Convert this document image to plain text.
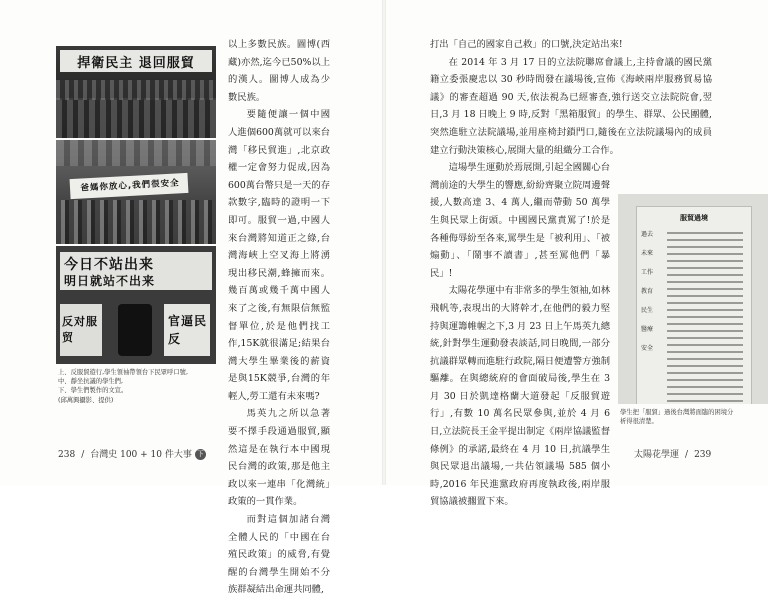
捍衛民主 退回服貿
爸媽你放心,我們很安全
今日不站出来
明日就站不出来
反对服贸
官逼民反
上、反服貿遊行,學生領袖帶領台下民眾呼口號,
中、靜坐抗議的學生們,
下、學生們製作的文宣。
(邱萬興攝影、提供)

以上多數民族。圖博(西藏)亦然,迄今已50%以上的漢人。圖博人成為少數民族。

要隨便讓一個中國人進個600萬就可以來台灣「移民貿進」,北京政權一定會努力促成,因為600萬台幣只是一天的存款數字,臨時的證明一下即可。服貿一過,中國人來台灣將知道正之綠,台灣海峽上空叉海上將湧現出移民潮,蜂擁而來。幾百萬或幾千萬中國人來了之後,有無限信無監督單位,於是他們找工作,15K就很滿足;結果台灣大學生畢業後的薪資是與15K競爭,台灣的年輕人,勞工還有未來嗎?

馬英九之所以急著要不擇手段通過服貿,顯然這是在執行本中國現民台灣的政策,那是他主政以來一連串「化灣統」政策的一貫作業。

而對這個加諸台灣全體人民的「中國在台殖民政策」的威脅,有覺醒的台灣學生開始不分族群凝結出命運共同體,

238 / 台灣史 100 + 10 件大事 下

打出「自己的國家自己救」的口號,決定站出來!

在 2014 年 3 月 17 日的立法院聯席會議上,主持會議的國民黨籍立委張慶忠以 30 秒時間發在議場後,宣佈《海峽兩岸服務貿易協議》的審查超過 90 天,依法視為已經審查,強行送交立法院院會,翌日,3 月 18 日晚上 9 時,反對「黑箱服貿」的學生、群眾、公民團體,突然進駐立法院議場,並用座椅封鎖門口,隨後在立法院議場內的成員建立行動決策核心,展開大量的組織分工合作。

這場學生運動於焉展開,引起全國關心台灣前途的大學生的響應,紛紛齊聚立院周邊聲援,人數高達 3、4 萬人,繼而帶動 50 萬學生與民眾上街頭。中國國民黨責罵了!於是各種侮辱紛至各來,罵學生是「被利用」、「被煽動」、「鬧事不讀書」,甚至罵他們「暴民」!

太陽花學運中有非常多的學生領袖,如林飛帆等,表現出的大將幹才,在他們的毅力堅持與運籌帷幄之下,3 月 23 日上午馬英九總統,針對學生運動發表談話,同日晚間,一部分抗議群眾轉而進駐行政院,隔日便遭警方強制驅離。在與總統府的會面破局後,學生在 3 月 30 日於凱達格蘭大道發起「反服貿遊行」,有數 10 萬名民眾參與,並於 4 月 6 日,立法院長王金平提出制定《兩岸協議監督條例》的承諾,最終在 4 月 10 日,抗議學生與民眾退出議場,一共佔領議場 585 個小時,2016 年民進黨政府再度執政後,兩岸服貿協議被擱置下來。

服貿過境
過去
未來
工作
教育
民生
醫療
安全
學生把「服貿」過後台灣將面臨的困境分
析得很清楚。
太陽花學運 / 239
